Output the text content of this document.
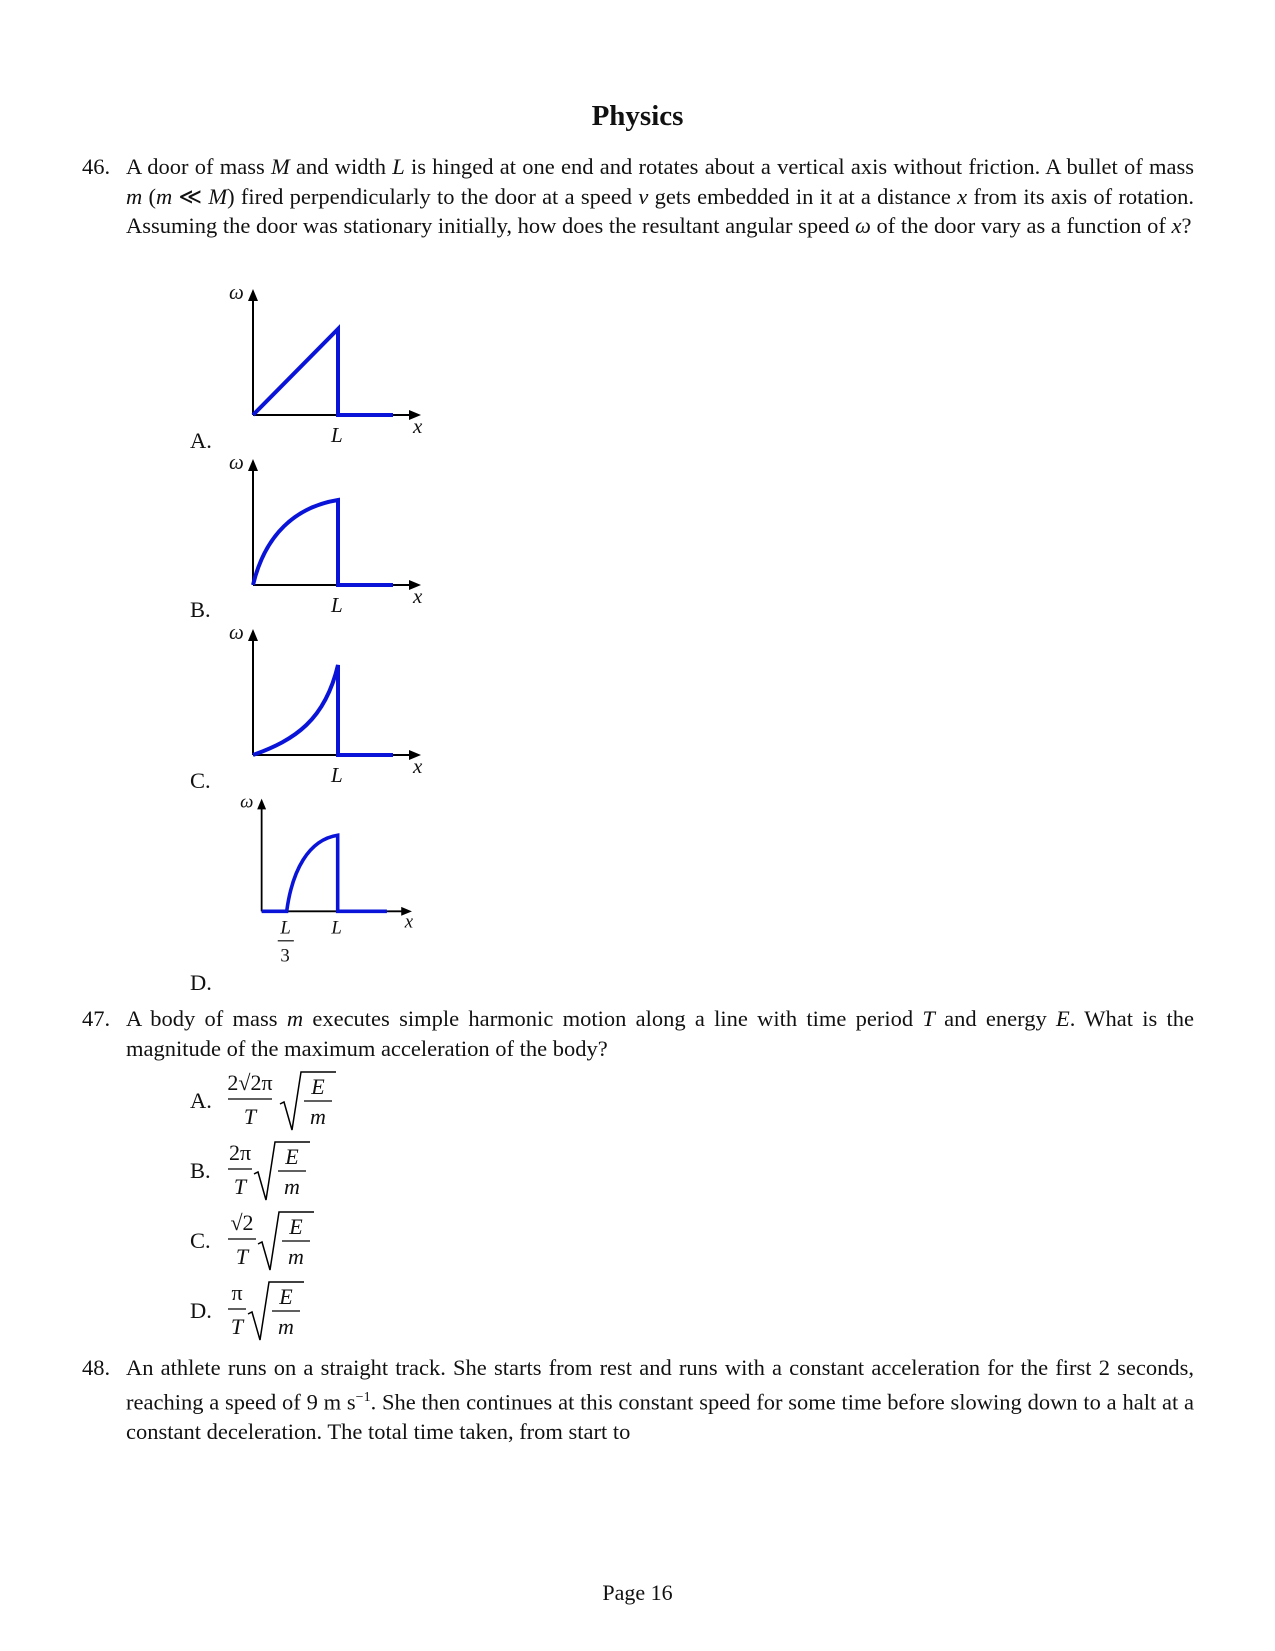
Physics
46. A door of mass M and width L is hinged at one end and rotates about a vertical axis without friction. A bullet of mass m (m ≪ M) fired perpendicularly to the door at a speed v gets embedded in it at a distance x from its axis of rotation. Assuming the door was stationary initially, how does the resultant angular speed ω of the door vary as a function of x?
A.
ω
L	x
B.
ω
L	x
C.
ω
L	x
D.
ω
L
3
L	x
47. A body of mass m executes simple harmonic motion along a line with time period T and energy E. What is the magnitude of the maximum acceleration of the body?
A.
2√2π
T
E
m
B.
2π
T
E
m
C.
√2
T
E
m
D.
π
T
E
m
48. An athlete runs on a straight track. She starts from rest and runs with a constant acceleration for the first 2 seconds, reaching a speed of 9 m $s^{-1}$. She then continues at this constant speed for some time before slowing down to a halt at a constant deceleration. The total time taken, from start to
Page 16
